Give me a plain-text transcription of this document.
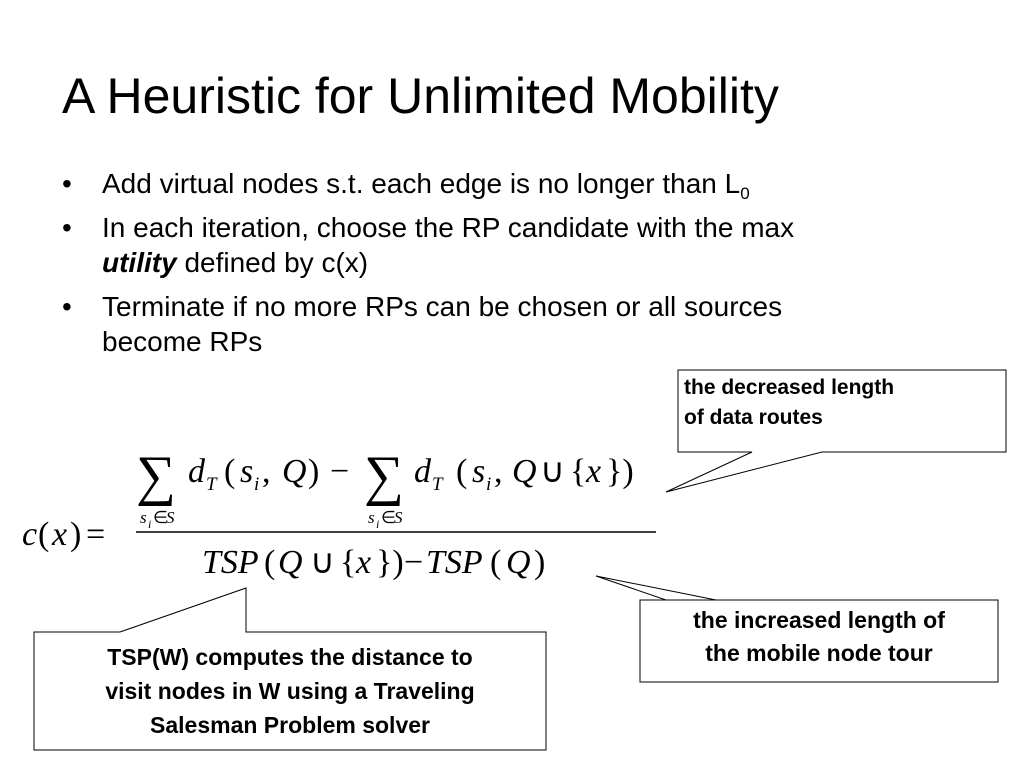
A Heuristic for Unlimited Mobility
• Add virtual nodes s.t. each edge is no longer than $L_0$
• In each iteration, choose the RP candidate with the max
utility defined by c(x)
• Terminate if no more RPs can be chosen or all sources
become RPs
c ( x ) =
∑
s i ∈
S
d T ( s i , Q ) − ∑
s i ∈
S
d T ( s i , Q ∪ { x })
TSP ( Q ∪ { x }) − TSP ( Q )
the decreased length
of data routes
the increased length of
the mobile node tour
TSP(W) computes the distance to
visit nodes in W using a Traveling
Salesman Problem solver
